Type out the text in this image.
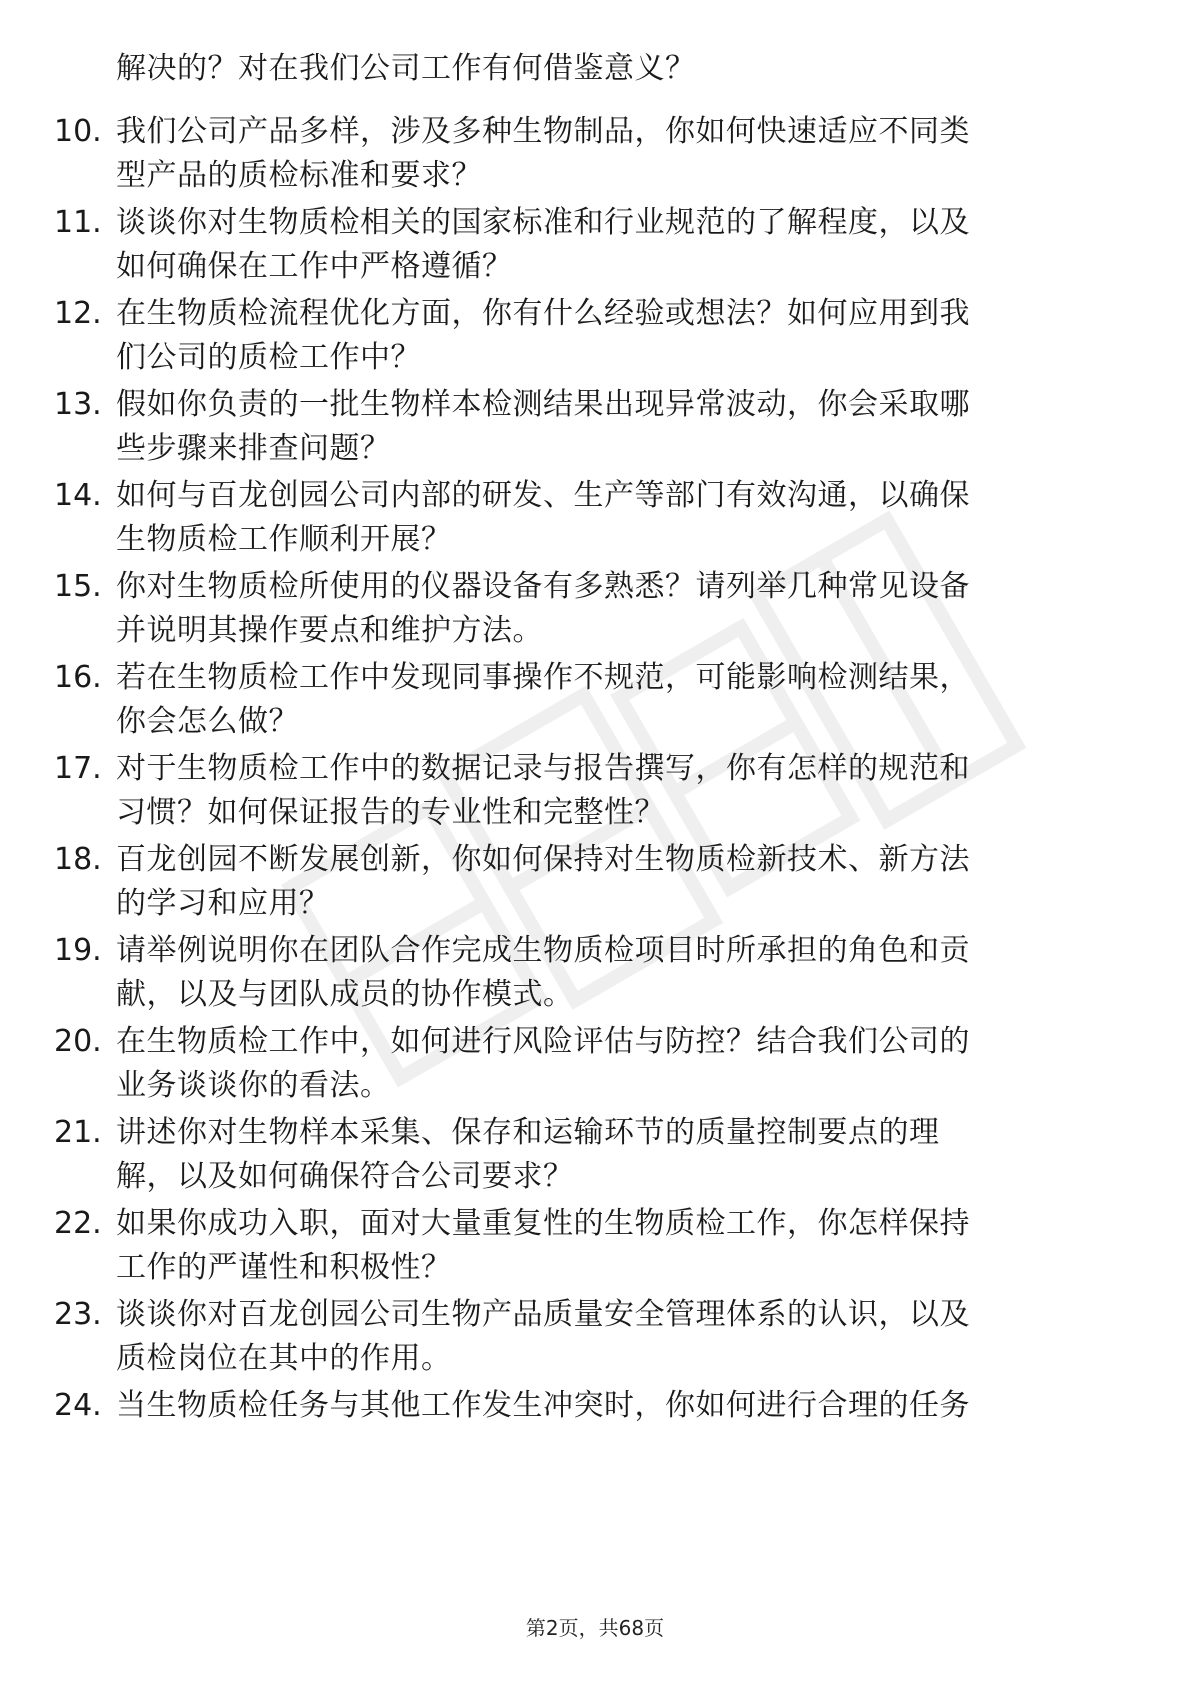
解决的？对在我们公司工作有何借鉴意义？
10. 我们公司产品多样，涉及多种生物制品，你如何快速适应不同类
型产品的质检标准和要求？
11. 谈谈你对生物质检相关的国家标准和行业规范的了解程度，以及
如何确保在工作中严格遵循？
12. 在生物质检流程优化方面，你有什么经验或想法？如何应用到我
们公司的质检工作中？
13. 假如你负责的一批生物样本检测结果出现异常波动，你会采取哪
些步骤来排查问题？
14. 如何与百龙创园公司内部的研发、生产等部门有效沟通，以确保
生物质检工作顺利开展？
15. 你对生物质检所使用的仪器设备有多熟悉？请列举几种常见设备
并说明其操作要点和维护方法。
16. 若在生物质检工作中发现同事操作不规范，可能影响检测结果，
你会怎么做？
17. 对于生物质检工作中的数据记录与报告撰写，你有怎样的规范和
习惯？如何保证报告的专业性和完整性？
18. 百龙创园不断发展创新，你如何保持对生物质检新技术、新方法
的学习和应用？
19. 请举例说明你在团队合作完成生物质检项目时所承担的角色和贡
献，以及与团队成员的协作模式。
20. 在生物质检工作中，如何进行风险评估与防控？结合我们公司的
业务谈谈你的看法。
21. 讲述你对生物样本采集、保存和运输环节的质量控制要点的理
解，以及如何确保符合公司要求？
22. 如果你成功入职，面对大量重复性的生物质检工作，你怎样保持
工作的严谨性和积极性？
23. 谈谈你对百龙创园公司生物产品质量安全管理体系的认识，以及
质检岗位在其中的作用。
24. 当生物质检任务与其他工作发生冲突时，你如何进行合理的任务
第2页，共68页
